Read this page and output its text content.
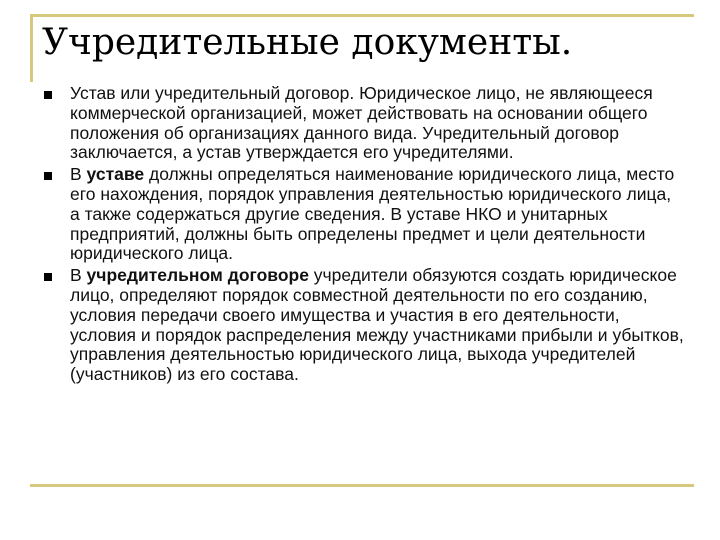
Учредительные документы.
Устав или учредительный договор. Юридическое лицо, не являющееся коммерческой организацией, может действовать на основании общего положения об организациях данного вида. Учредительный договор заключается, а устав утверждается его учредителями.
В уставе должны определяться наименование юридического лица, место его нахождения, порядок управления деятельностью юридического лица, а также содержаться другие сведения. В уставе НКО и унитарных предприятий, должны быть определены предмет и цели деятельности юридического лица.
В учредительном договоре учредители обязуются создать юридическое лицо, определяют порядок совместной деятельности по его созданию, условия передачи своего имущества и участия в его деятельности, условия и порядок распределения между участниками прибыли и убытков, управления деятельностью юридического лица, выхода учредителей (участников) из его состава.
